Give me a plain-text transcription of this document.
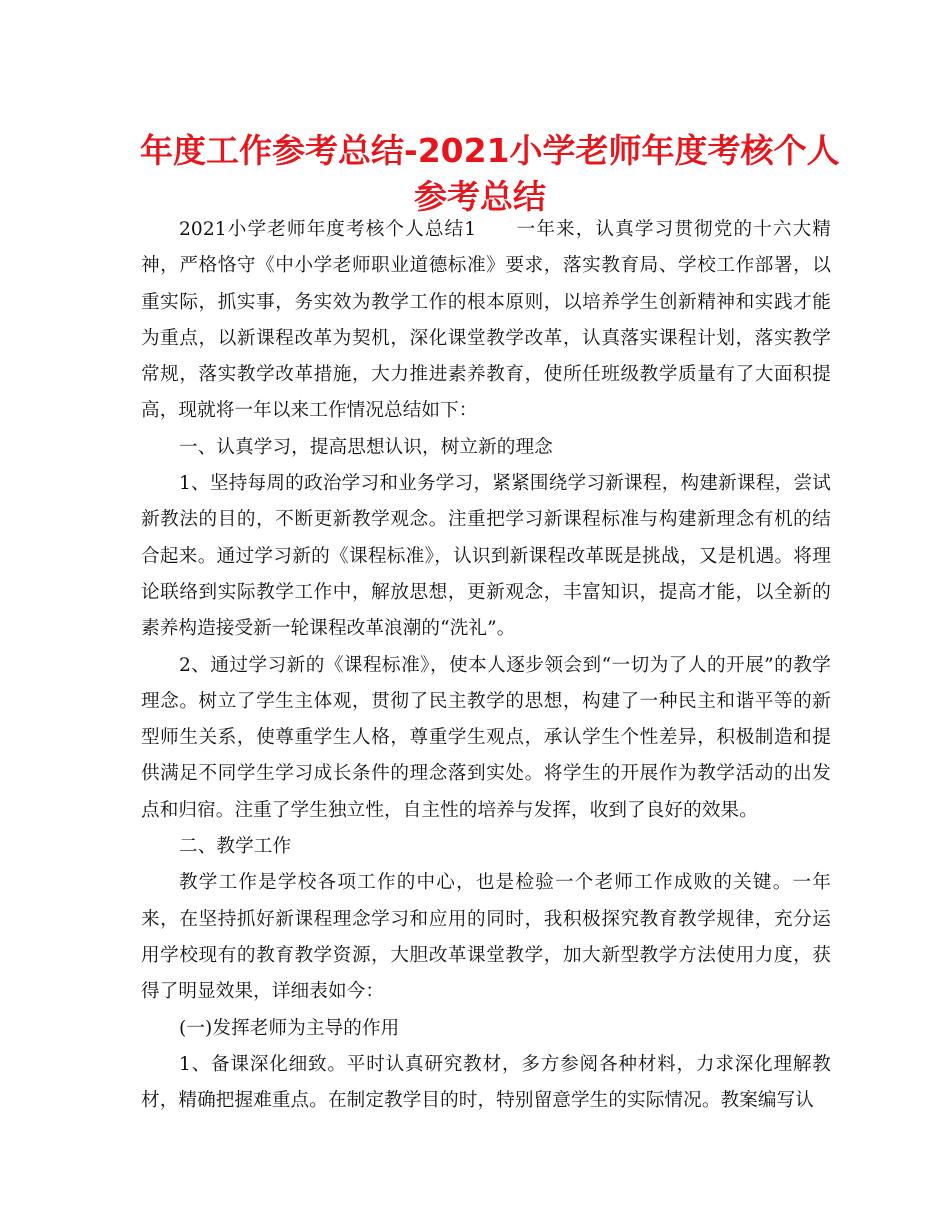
年度工作参考总结-2021小学老师年度考核个人
参考总结

2021小学老师年度考核个人总结1　　一年来，认真学习贯彻党的十六大精神，严格恪守《中小学老师职业道德标准》要求，落实教育局、学校工作部署，以重实际，抓实事，务实效为教学工作的根本原则，以培养学生创新精神和实践才能为重点，以新课程改革为契机，深化课堂教学改革，认真落实课程计划，落实教学常规，落实教学改革措施，大力推进素养教育，使所任班级教学质量有了大面积提高，现就将一年以来工作情况总结如下：

一、认真学习，提高思想认识，树立新的理念

1、坚持每周的政治学习和业务学习，紧紧围绕学习新课程，构建新课程，尝试新教法的目的，不断更新教学观念。注重把学习新课程标准与构建新理念有机的结合起来。通过学习新的《课程标准》，认识到新课程改革既是挑战，又是机遇。将理论联络到实际教学工作中，解放思想，更新观念，丰富知识，提高才能，以全新的素养构造接受新一轮课程改革浪潮的“洗礼”。

2、通过学习新的《课程标准》，使本人逐步领会到“一切为了人的开展”的教学理念。树立了学生主体观，贯彻了民主教学的思想，构建了一种民主和谐平等的新型师生关系，使尊重学生人格，尊重学生观点，承认学生个性差异，积极制造和提供满足不同学生学习成长条件的理念落到实处。将学生的开展作为教学活动的出发点和归宿。注重了学生独立性，自主性的培养与发挥，收到了良好的效果。

二、教学工作

教学工作是学校各项工作的中心，也是检验一个老师工作成败的关键。一年来，在坚持抓好新课程理念学习和应用的同时，我积极探究教育教学规律，充分运用学校现有的教育教学资源，大胆改革课堂教学，加大新型教学方法使用力度，获得了明显效果，详细表如今：

(一)发挥老师为主导的作用

1、备课深化细致。平时认真研究教材，多方参阅各种材料，力求深化理解教材，精确把握难重点。在制定教学目的时，特别留意学生的实际情况。教案编写认
